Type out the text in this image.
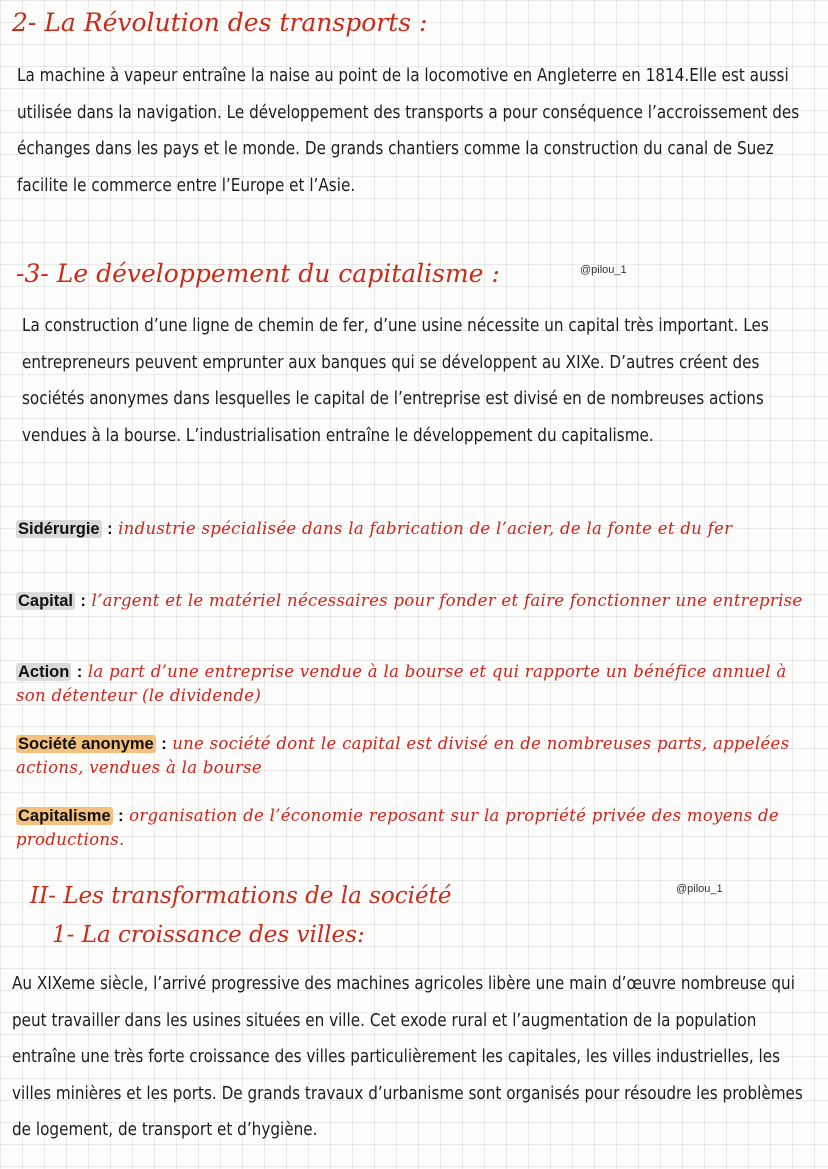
2- La Révolution des transports :

La machine à vapeur entraîne la naise au point de la locomotive en Angleterre en 1814.Elle est aussi utilisée dans la navigation. Le développement des transports a pour conséquence l’accroissement des échanges dans les pays et le monde. De grands chantiers comme la construction du canal de Suez facilite le commerce entre l’Europe et l’Asie.

-3- Le développement du capitalisme :	@pilou_1

La construction d’une ligne de chemin de fer, d’une usine nécessite un capital très important. Les entrepreneurs peuvent emprunter aux banques qui se développent au XIXe. D’autres créent des sociétés anonymes dans lesquelles le capital de l’entreprise est divisé en de nombreuses actions vendues à la bourse. L’industrialisation entraîne le développement du capitalisme.

Sidérurgie : industrie spécialisée dans la fabrication de l’acier, de la fonte et du fer

Capital : l’argent et le matériel nécessaires pour fonder et faire fonctionner une entreprise

Action : la part d’une entreprise vendue à la bourse et qui rapporte un bénéfice annuel à son détenteur (le dividende)

Société anonyme : une société dont le capital est divisé en de nombreuses parts, appelées actions, vendues à la bourse

Capitalisme : organisation de l’économie reposant sur la propriété privée des moyens de productions.

II- Les transformations de la société	@pilou_1
1- La croissance des villes:

Au XIXeme siècle, l’arrivé progressive des machines agricoles libère une main d’œuvre nombreuse qui peut travailler dans les usines situées en ville. Cet exode rural et l’augmentation de la population entraîne une très forte croissance des villes particulièrement les capitales, les villes industrielles, les villes minières et les ports. De grands travaux d’urbanisme sont organisés pour résoudre les problèmes de logement, de transport et d’hygiène.
